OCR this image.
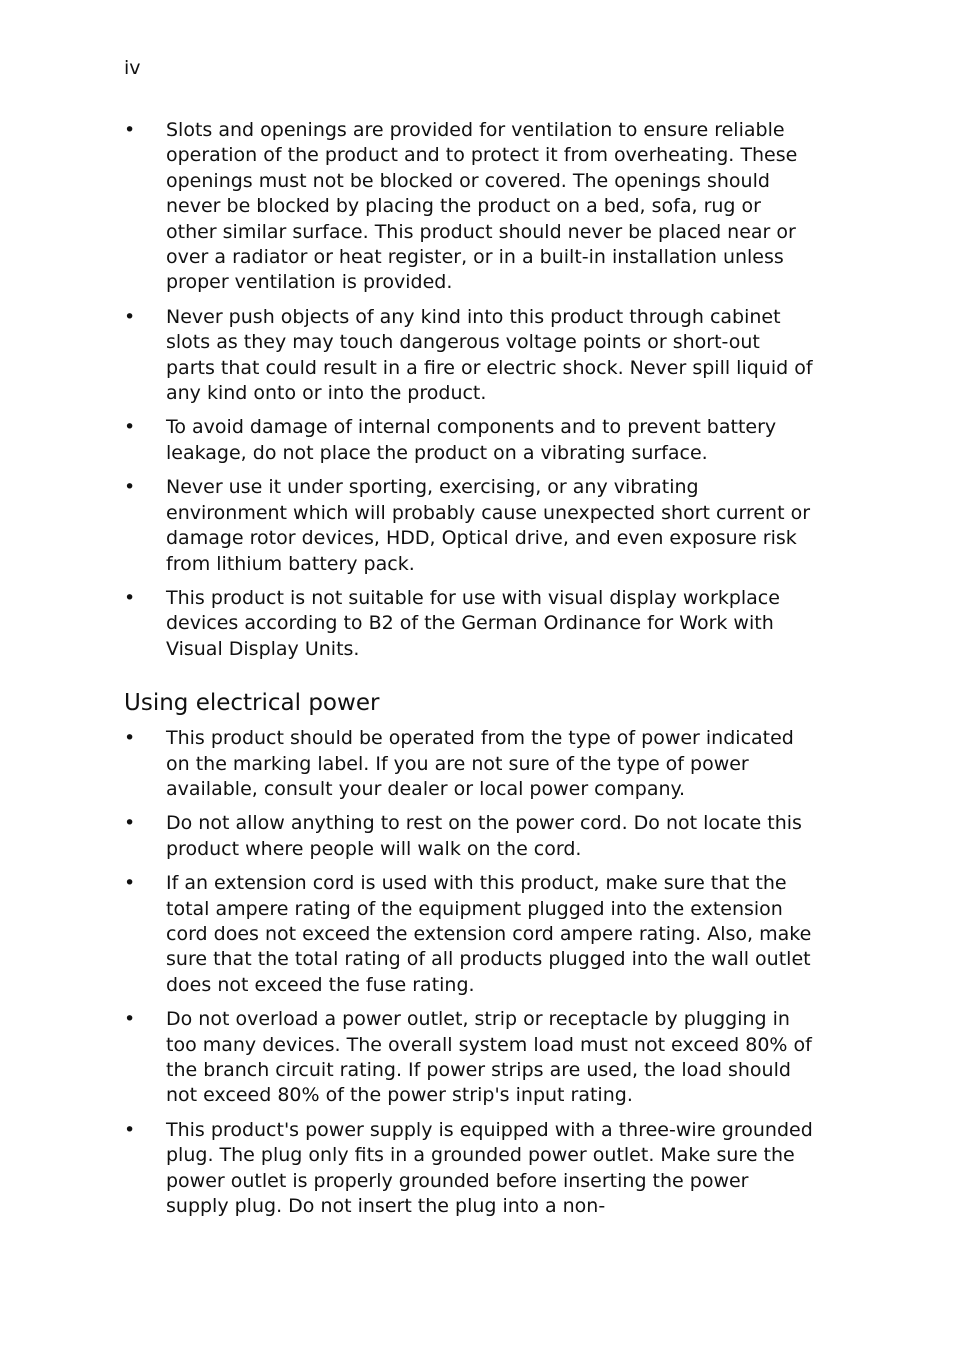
iv
• Slots and openings are provided for ventilation to ensure reliable operation of the product and to protect it from overheating. These openings must not be blocked or covered. The openings should never be blocked by placing the product on a bed, sofa, rug or other similar surface. This product should never be placed near or over a radiator or heat register, or in a built-in installation unless proper ventilation is provided.
• Never push objects of any kind into this product through cabinet slots as they may touch dangerous voltage points or short-out parts that could result in a fire or electric shock. Never spill liquid of any kind onto or into the product.
• To avoid damage of internal components and to prevent battery leakage, do not place the product on a vibrating surface.
• Never use it under sporting, exercising, or any vibrating environment which will probably cause unexpected short current or damage rotor devices, HDD, Optical drive, and even exposure risk from lithium battery pack.
• This product is not suitable for use with visual display workplace devices according to B2 of the German Ordinance for Work with Visual Display Units.
Using electrical power
• This product should be operated from the type of power indicated on the marking label. If you are not sure of the type of power available, consult your dealer or local power company.
• Do not allow anything to rest on the power cord. Do not locate this product where people will walk on the cord.
• If an extension cord is used with this product, make sure that the total ampere rating of the equipment plugged into the extension cord does not exceed the extension cord ampere rating. Also, make sure that the total rating of all products plugged into the wall outlet does not exceed the fuse rating.
• Do not overload a power outlet, strip or receptacle by plugging in too many devices. The overall system load must not exceed 80% of the branch circuit rating. If power strips are used, the load should not exceed 80% of the power strip's input rating.
• This product's power supply is equipped with a three-wire grounded plug. The plug only fits in a grounded power outlet. Make sure the power outlet is properly grounded before inserting the power supply plug. Do not insert the plug into a non-
